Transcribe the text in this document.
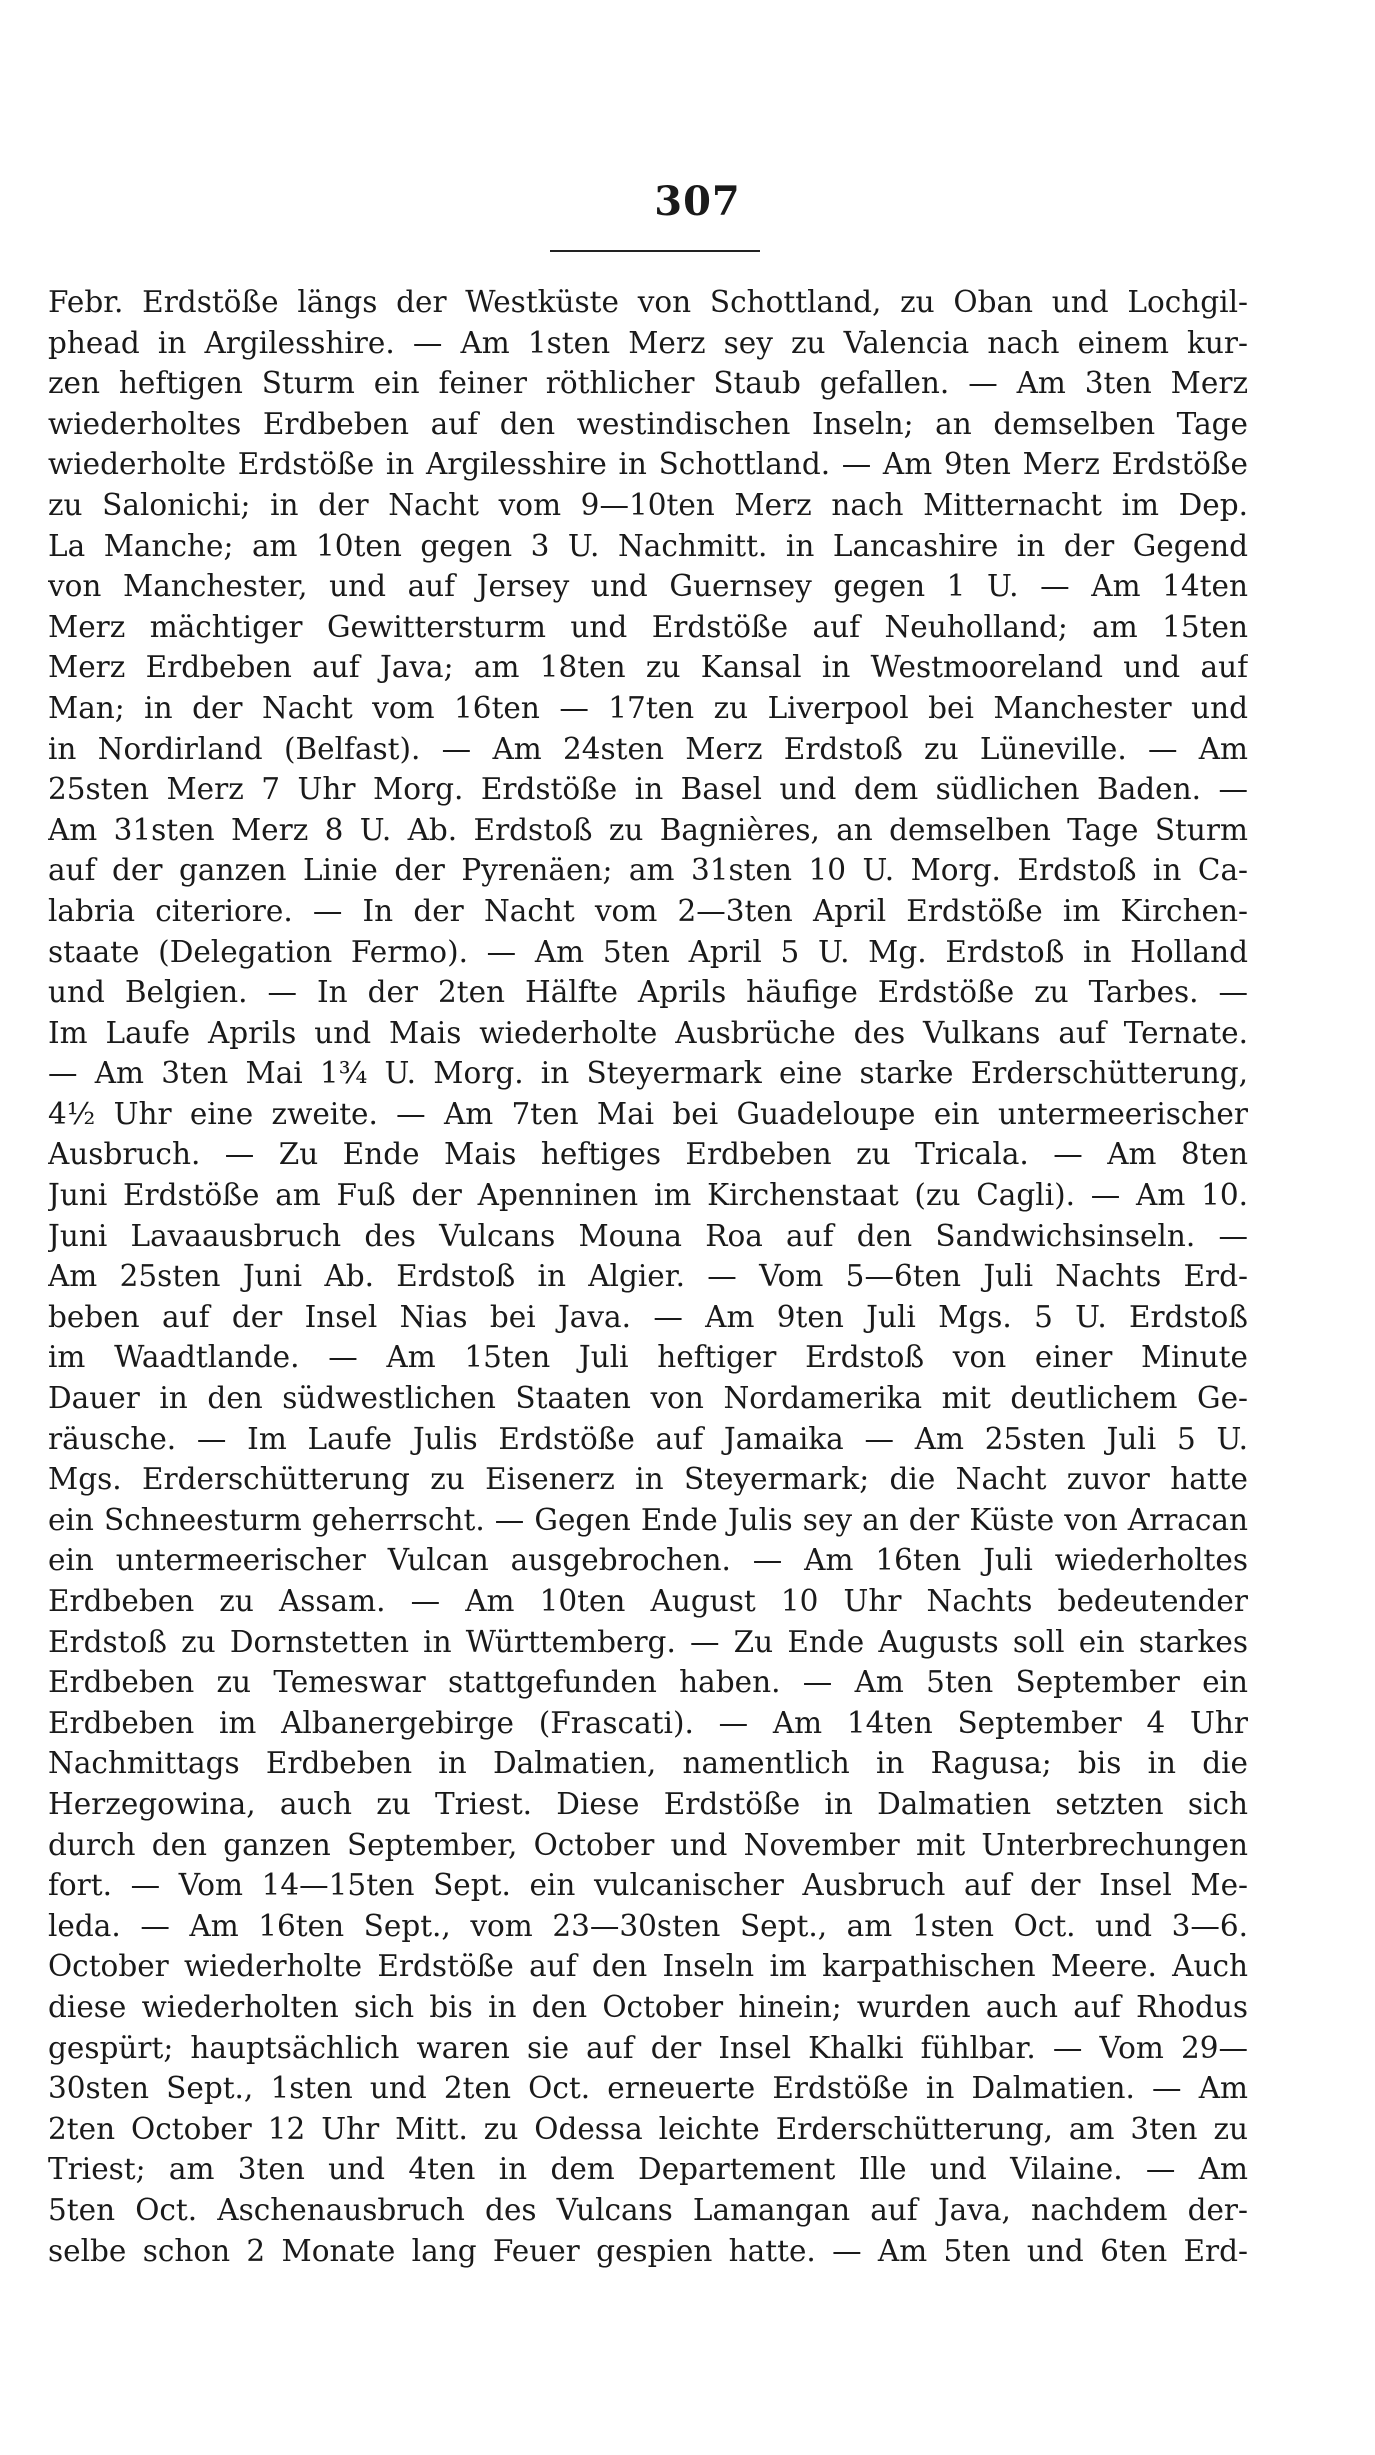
307
Febr. Erdstöße längs der Westküste von Schottland, zu Oban und Lochgil-
phead in Argilesshire. — Am 1sten Merz sey zu Valencia nach einem kur-
zen heftigen Sturm ein feiner röthlicher Staub gefallen. — Am 3ten Merz
wiederholtes Erdbeben auf den westindischen Inseln; an demselben Tage
wiederholte Erdstöße in Argilesshire in Schottland. — Am 9ten Merz Erdstöße
zu Salonichi; in der Nacht vom 9—10ten Merz nach Mitternacht im Dep.
La Manche; am 10ten gegen 3 U. Nachmitt. in Lancashire in der Gegend
von Manchester, und auf Jersey und Guernsey gegen 1 U. — Am 14ten
Merz mächtiger Gewittersturm und Erdstöße auf Neuholland; am 15ten
Merz Erdbeben auf Java; am 18ten zu Kansal in Westmooreland und auf
Man; in der Nacht vom 16ten — 17ten zu Liverpool bei Manchester und
in Nordirland (Belfast). — Am 24sten Merz Erdstoß zu Lüneville. — Am
25sten Merz 7 Uhr Morg. Erdstöße in Basel und dem südlichen Baden. —
Am 31sten Merz 8 U. Ab. Erdstoß zu Bagnières, an demselben Tage Sturm
auf der ganzen Linie der Pyrenäen; am 31sten 10 U. Morg. Erdstoß in Ca-
labria citeriore. — In der Nacht vom 2—3ten April Erdstöße im Kirchen-
staate (Delegation Fermo). — Am 5ten April 5 U. Mg. Erdstoß in Holland
und Belgien. — In der 2ten Hälfte Aprils häufige Erdstöße zu Tarbes. —
Im Laufe Aprils und Mais wiederholte Ausbrüche des Vulkans auf Ternate.
— Am 3ten Mai 1¾ U. Morg. in Steyermark eine starke Erderschütterung,
4½ Uhr eine zweite. — Am 7ten Mai bei Guadeloupe ein untermeerischer
Ausbruch. — Zu Ende Mais heftiges Erdbeben zu Tricala. — Am 8ten
Juni Erdstöße am Fuß der Apenninen im Kirchenstaat (zu Cagli). — Am 10.
Juni Lavaausbruch des Vulcans Mouna Roa auf den Sandwichsinseln. —
Am 25sten Juni Ab. Erdstoß in Algier. — Vom 5—6ten Juli Nachts Erd-
beben auf der Insel Nias bei Java. — Am 9ten Juli Mgs. 5 U. Erdstoß
im Waadtlande. — Am 15ten Juli heftiger Erdstoß von einer Minute
Dauer in den südwestlichen Staaten von Nordamerika mit deutlichem Ge-
räusche. — Im Laufe Julis Erdstöße auf Jamaika — Am 25sten Juli 5 U.
Mgs. Erderschütterung zu Eisenerz in Steyermark; die Nacht zuvor hatte
ein Schneesturm geherrscht. — Gegen Ende Julis sey an der Küste von Arracan
ein untermeerischer Vulcan ausgebrochen. — Am 16ten Juli wiederholtes
Erdbeben zu Assam. — Am 10ten August 10 Uhr Nachts bedeutender
Erdstoß zu Dornstetten in Württemberg. — Zu Ende Augusts soll ein starkes
Erdbeben zu Temeswar stattgefunden haben. — Am 5ten September ein
Erdbeben im Albanergebirge (Frascati). — Am 14ten September 4 Uhr
Nachmittags Erdbeben in Dalmatien, namentlich in Ragusa; bis in die
Herzegowina, auch zu Triest. Diese Erdstöße in Dalmatien setzten sich
durch den ganzen September, October und November mit Unterbrechungen
fort. — Vom 14—15ten Sept. ein vulcanischer Ausbruch auf der Insel Me-
leda. — Am 16ten Sept., vom 23—30sten Sept., am 1sten Oct. und 3—6.
October wiederholte Erdstöße auf den Inseln im karpathischen Meere. Auch
diese wiederholten sich bis in den October hinein; wurden auch auf Rhodus
gespürt; hauptsächlich waren sie auf der Insel Khalki fühlbar. — Vom 29—
30sten Sept., 1sten und 2ten Oct. erneuerte Erdstöße in Dalmatien. — Am
2ten October 12 Uhr Mitt. zu Odessa leichte Erderschütterung, am 3ten zu
Triest; am 3ten und 4ten in dem Departement Ille und Vilaine. — Am
5ten Oct. Aschenausbruch des Vulcans Lamangan auf Java, nachdem der-
selbe schon 2 Monate lang Feuer gespien hatte. — Am 5ten und 6ten Erd-
